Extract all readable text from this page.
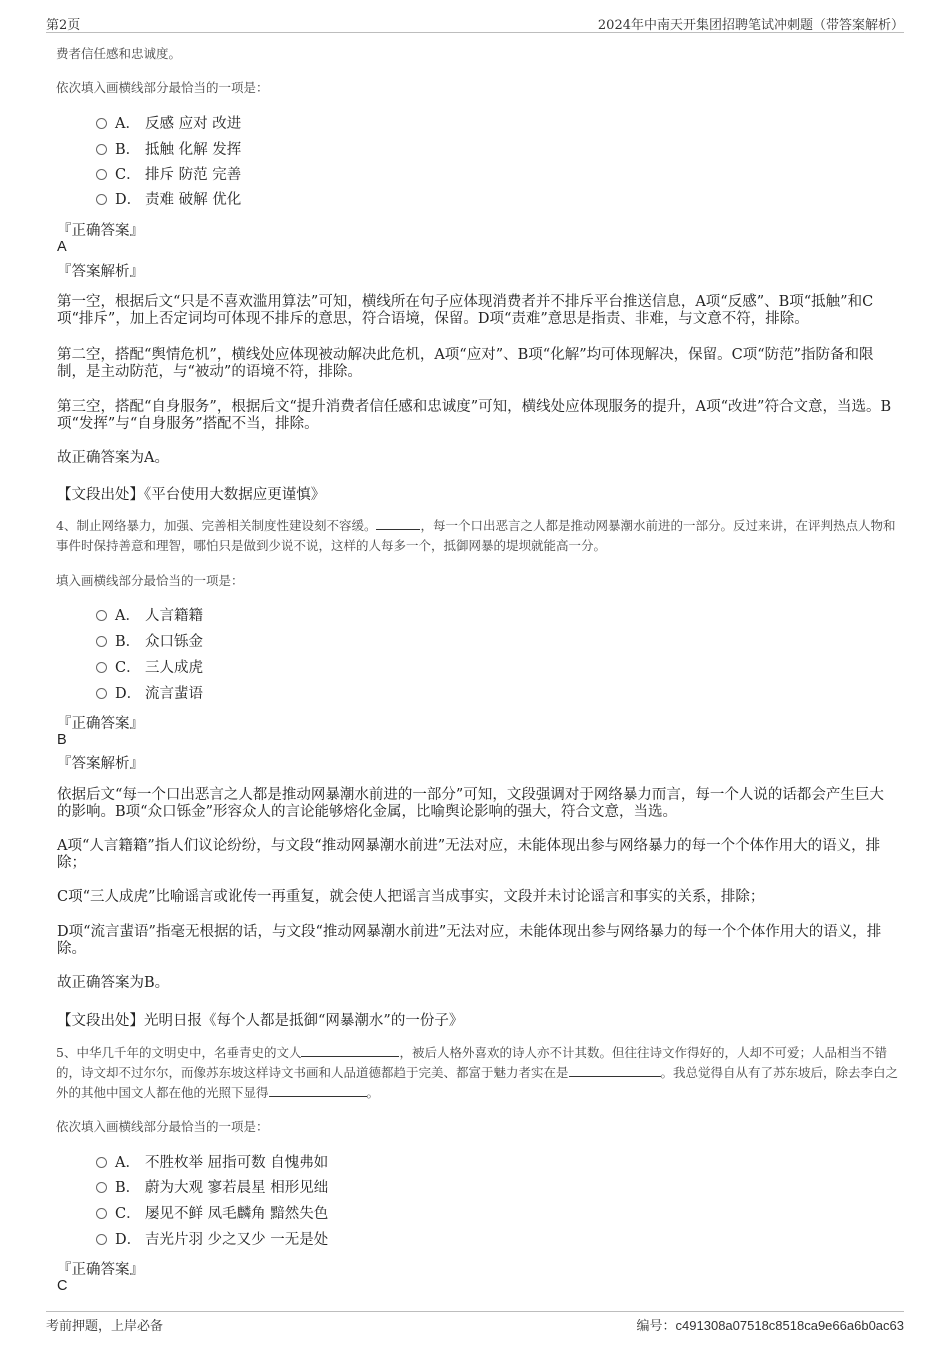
第2页	2024年中南天开集团招聘笔试冲刺题（带答案解析）
费者信任感和忠诚度。
依次填入画横线部分最恰当的一项是：
A． 反感 应对 改进
B． 抵触 化解 发挥
C． 排斥 防范 完善
D． 责难 破解 优化
『正确答案』
A
『答案解析』
第一空，根据后文“只是不喜欢滥用算法”可知，横线所在句子应体现消费者并不排斥平台推送信息，A项“反感”、B项“抵触”和C项“排斥”，加上否定词均可体现不排斥的意思，符合语境，保留。D项“责难”意思是指责、非难，与文意不符，排除。
第二空，搭配“舆情危机”，横线处应体现被动解决此危机，A项“应对”、B项“化解”均可体现解决，保留。C项“防范”指防备和限制，是主动防范，与“被动”的语境不符，排除。
第三空，搭配“自身服务”，根据后文“提升消费者信任感和忠诚度”可知，横线处应体现服务的提升，A项“改进”符合文意，当选。B项“发挥”与“自身服务”搭配不当，排除。
故正确答案为A。
【文段出处】《平台使用大数据应更谨慎》
4、制止网络暴力，加强、完善相关制度性建设刻不容缓。	，每一个口出恶言之人都是推动网暴潮水前进的一部分。反过来讲，在评判热点人物和事件时保持善意和理智，哪怕只是做到少说不说，这样的人每多一个，抵御网暴的堤坝就能高一分。
填入画横线部分最恰当的一项是：
A． 人言籍籍
B． 众口铄金
C． 三人成虎
D． 流言蜚语
『正确答案』
B
『答案解析』
依据后文“每一个口出恶言之人都是推动网暴潮水前进的一部分”可知，文段强调对于网络暴力而言，每一个人说的话都会产生巨大的影响。B项“众口铄金”形容众人的言论能够熔化金属，比喻舆论影响的强大，符合文意，当选。
A项“人言籍籍”指人们议论纷纷，与文段“推动网暴潮水前进”无法对应，未能体现出参与网络暴力的每一个个体作用大的语义，排除；
C项“三人成虎”比喻谣言或讹传一再重复，就会使人把谣言当成事实，文段并未讨论谣言和事实的关系，排除；
D项“流言蜚语”指毫无根据的话，与文段“推动网暴潮水前进”无法对应，未能体现出参与网络暴力的每一个个体作用大的语义，排除。
故正确答案为B。
【文段出处】光明日报《每个人都是抵御“网暴潮水”的一份子》
5、中华几千年的文明史中，名垂青史的文人	，被后人格外喜欢的诗人亦不计其数。但往往诗文作得好的，人却不可爱；人品相当不错的，诗文却不过尔尔，而像苏东坡这样诗文书画和人品道德都趋于完美、都富于魅力者实在是	。我总觉得自从有了苏东坡后，除去李白之外的其他中国文人都在他的光照下显得	。
依次填入画横线部分最恰当的一项是：
A． 不胜枚举 屈指可数 自愧弗如
B． 蔚为大观 寥若晨星 相形见绌
C． 屡见不鲜 凤毛麟角 黯然失色
D． 吉光片羽 少之又少 一无是处
『正确答案』
C
考前押题，上岸必备	编号：c491308a07518c8518ca9e66a6b0ac63
